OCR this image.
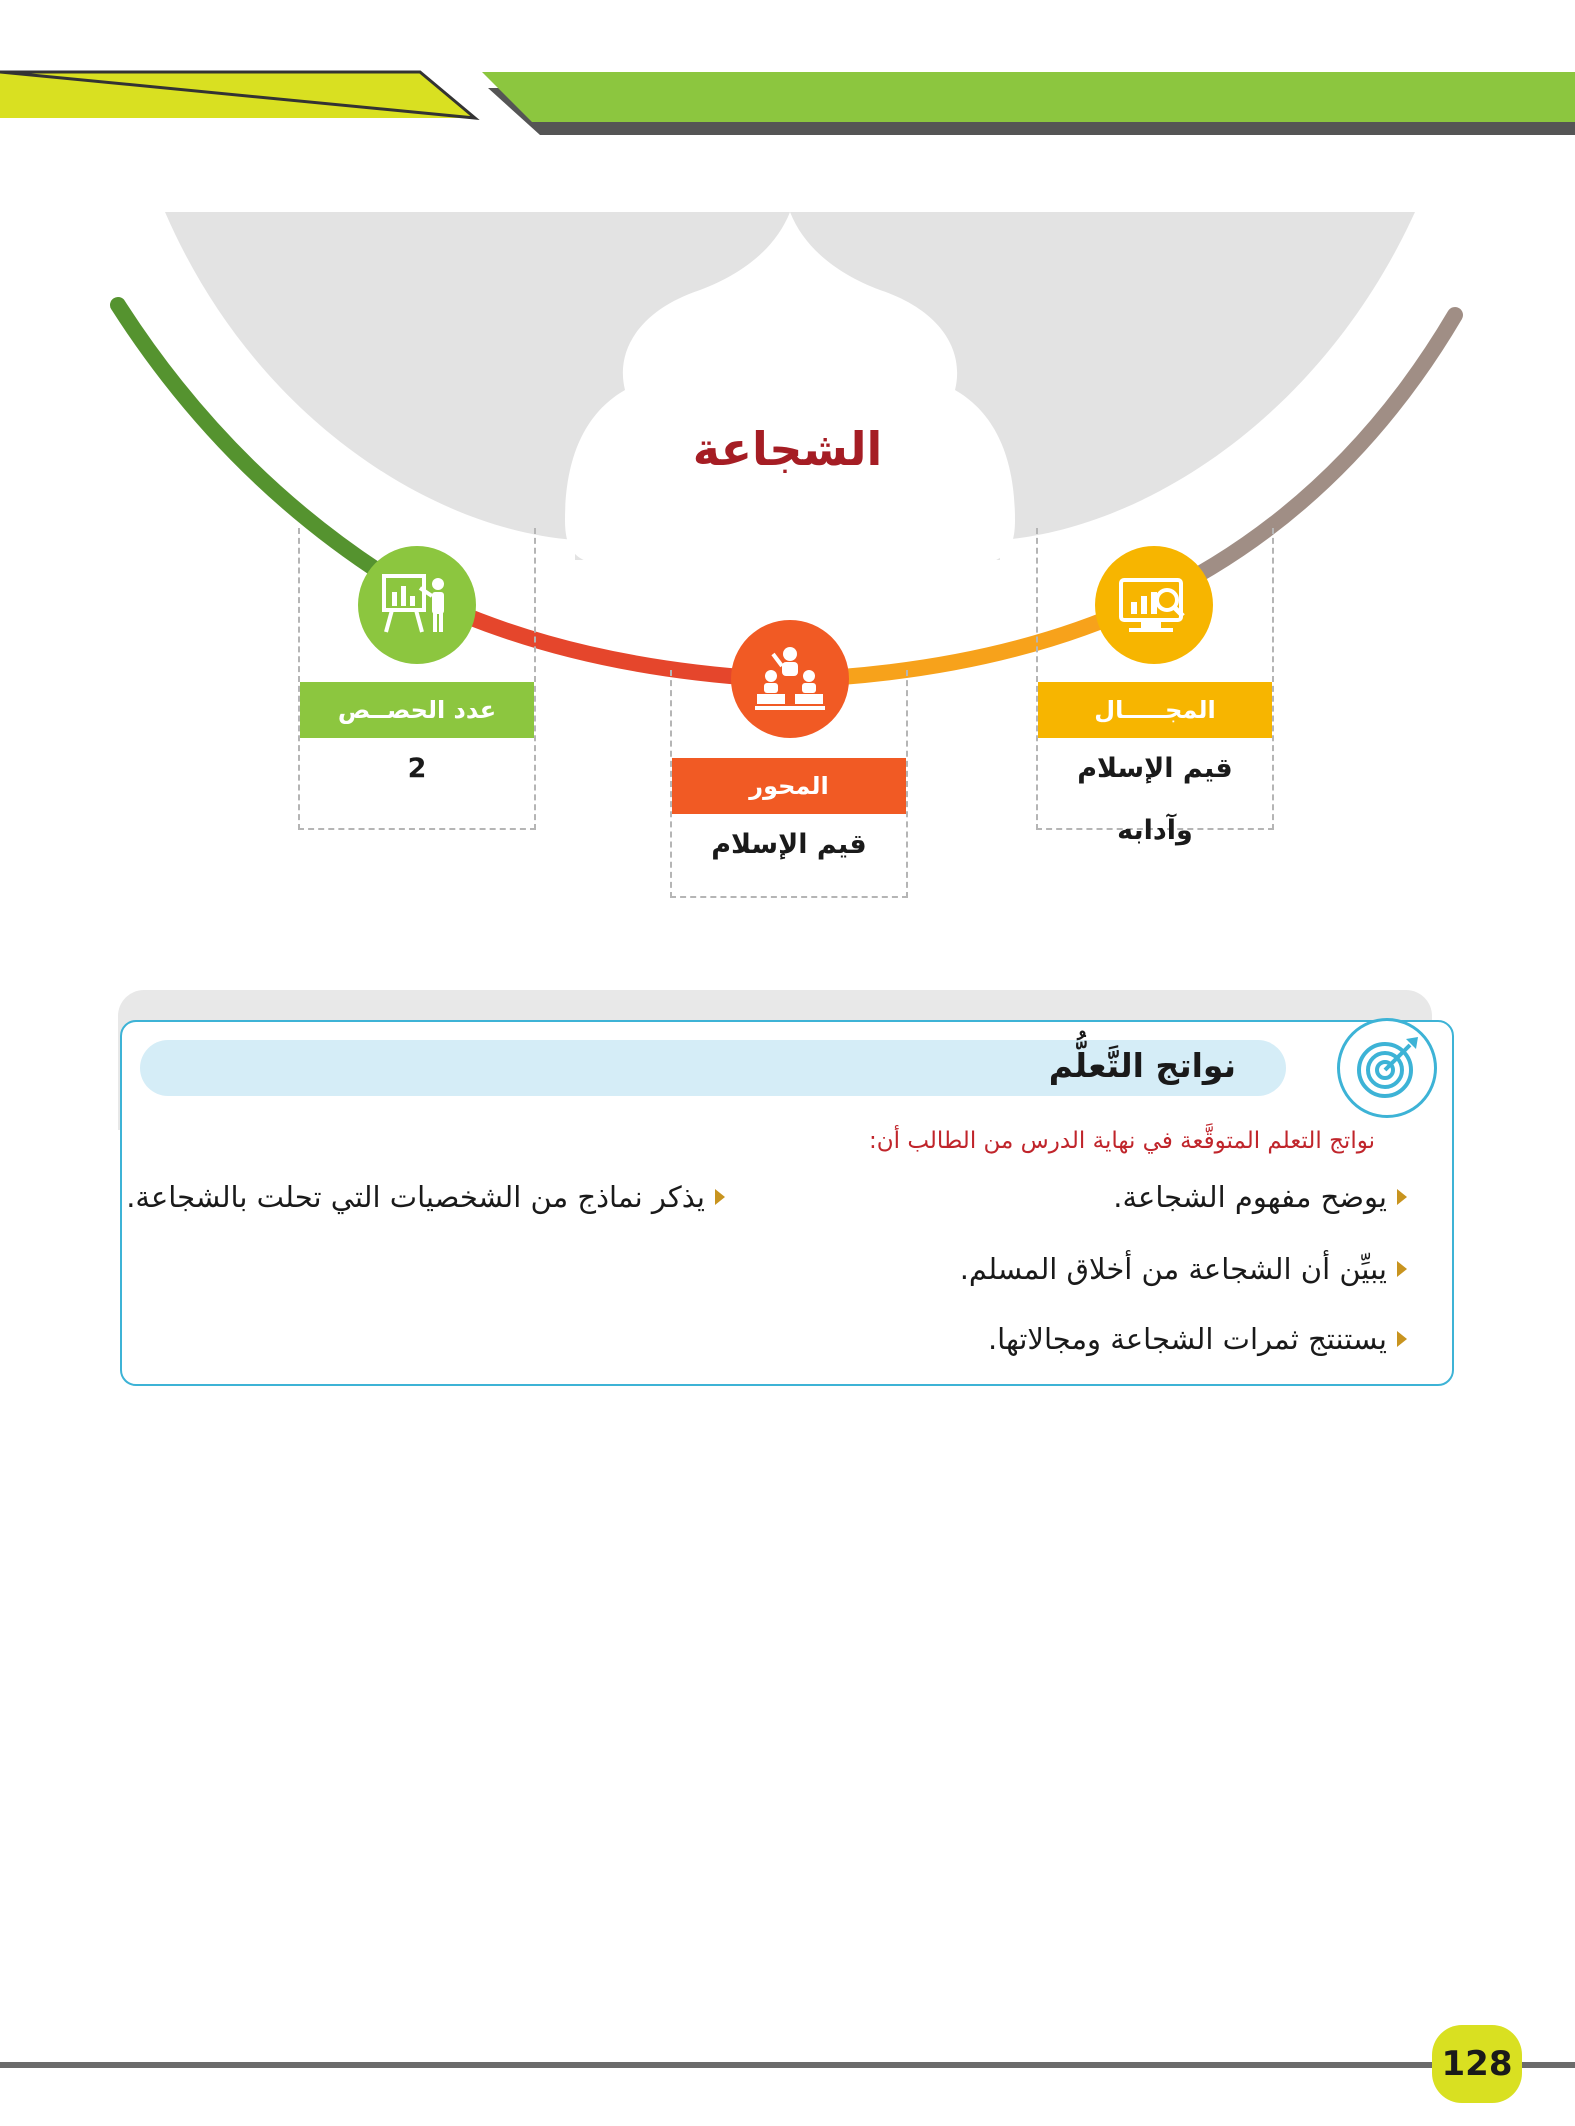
الشجاعة
عدد الحصــص
2
المحور
قيم الإسلام
المجـــــال
قيم الإسلام وآدابه
نواتج التَّعلُّم
نواتج التعلم المتوقَّعة في نهاية الدرس من الطالب أن:
يوضح مفهوم الشجاعة.
يبيِّن أن الشجاعة من أخلاق المسلم.
يستنتج ثمرات الشجاعة ومجالاتها.
يذكر نماذج من الشخصيات التي تحلت بالشجاعة.
128
